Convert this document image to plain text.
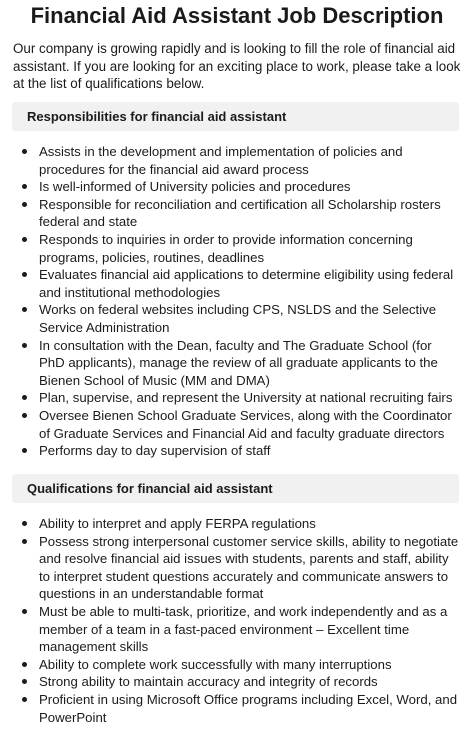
Financial Aid Assistant Job Description

Our company is growing rapidly and is looking to fill the role of financial aid assistant. If you are looking for an exciting place to work, please take a look at the list of qualifications below.

Responsibilities for financial aid assistant
Assists in the development and implementation of policies and procedures for the financial aid award process
Is well-informed of University policies and procedures
Responsible for reconciliation and certification all Scholarship rosters federal and state
Responds to inquiries in order to provide information concerning programs, policies, routines, deadlines
Evaluates financial aid applications to determine eligibility using federal and institutional methodologies
Works on federal websites including CPS, NSLDS and the Selective Service Administration
In consultation with the Dean, faculty and The Graduate School (for PhD applicants), manage the review of all graduate applicants to the Bienen School of Music (MM and DMA)
Plan, supervise, and represent the University at national recruiting fairs
Oversee Bienen School Graduate Services, along with the Coordinator of Graduate Services and Financial Aid and faculty graduate directors
Performs day to day supervision of staff
Qualifications for financial aid assistant
Ability to interpret and apply FERPA regulations
Possess strong interpersonal customer service skills, ability to negotiate and resolve financial aid issues with students, parents and staff, ability to interpret student questions accurately and communicate answers to questions in an understandable format
Must be able to multi-task, prioritize, and work independently and as a member of a team in a fast-paced environment – Excellent time management skills
Ability to complete work successfully with many interruptions
Strong ability to maintain accuracy and integrity of records
Proficient in using Microsoft Office programs including Excel, Word, and PowerPoint
